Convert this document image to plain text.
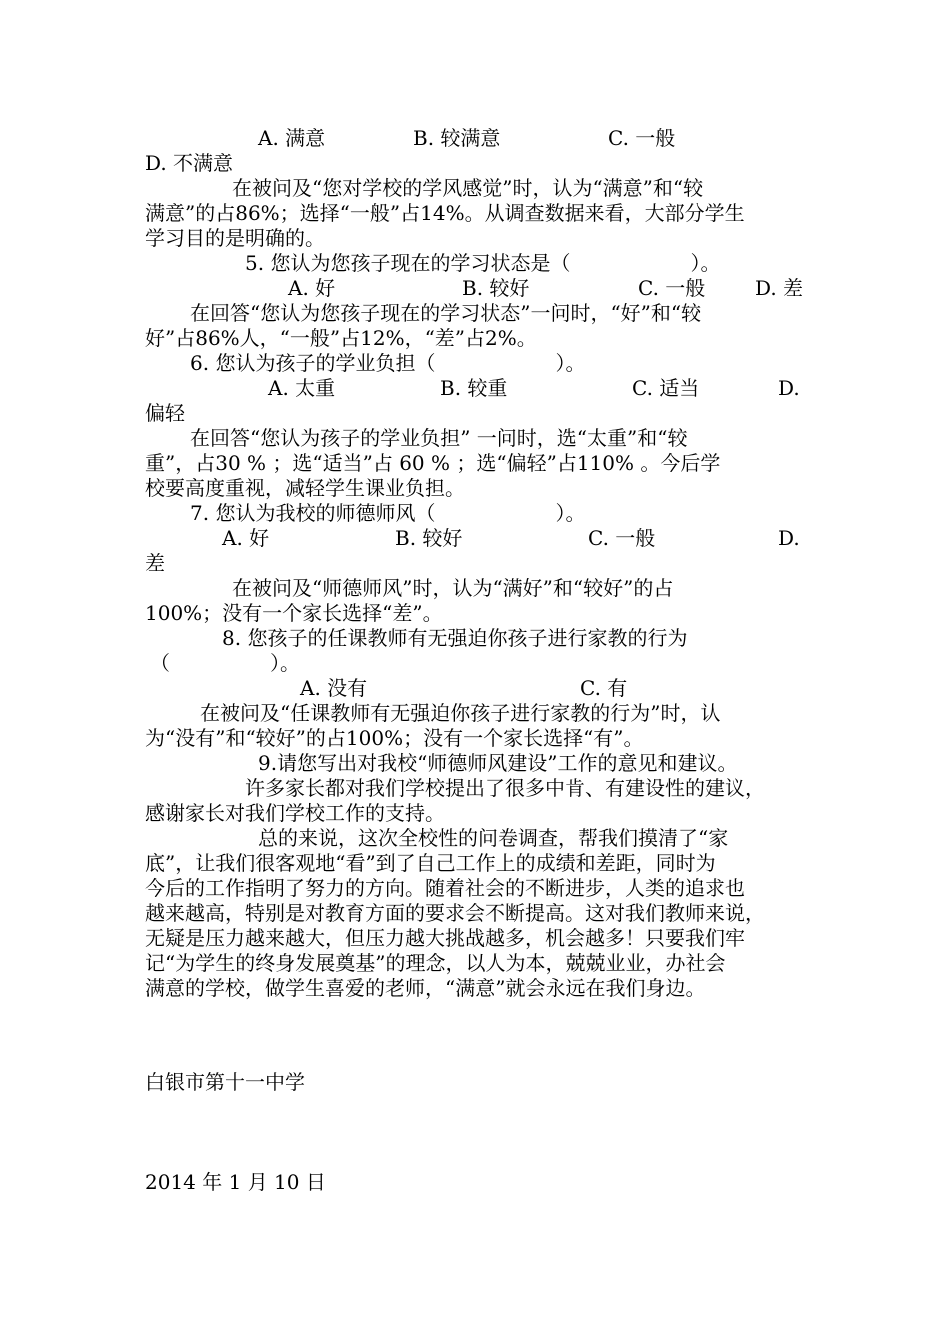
A. 满意	B. 较满意	C. 一般
D. 不满意
在被问及“您对学校的学风感觉”时，认为“满意”和“较
满意”的占86%；选择“一般”占14%。从调查数据来看，大部分学生
学习目的是明确的。
5. 您认为您孩子现在的学习状态是（　　　　　　）。
A. 好	B. 较好	C. 一般 D. 差
在回答“您认为您孩子现在的学习状态”一问时，“好”和“较
好”占86%人，“一般”占12%，“差”占2%。
6. 您认为孩子的学业负担（　　　　　　）。
A. 太重	B. 较重	C. 适当	D.
偏轻
在回答“您认为孩子的学业负担” 一问时，选“太重”和“较
重”，占30 % ；选“适当”占 60 % ；选“偏轻”占110% 。今后学
校要高度重视，减轻学生课业负担。
7. 您认为我校的师德师风（　　　　　　）。
A. 好	B. 较好	C. 一般	D.
差
在被问及“师德师风”时，认为“满好”和“较好”的占
100%；没有一个家长选择“差”。
8. 您孩子的任课教师有无强迫你孩子进行家教的行为
（　　　　　）。
A. 没有	C. 有
在被问及“任课教师有无强迫你孩子进行家教的行为”时，认
为“没有”和“较好”的占100%；没有一个家长选择“有”。
9.请您写出对我校“师德师风建设”工作的意见和建议。
许多家长都对我们学校提出了很多中肯、有建设性的建议，
感谢家长对我们学校工作的支持。
总的来说，这次全校性的问卷调查，帮我们摸清了“家
底”，让我们很客观地“看”到了自己工作上的成绩和差距，同时为
今后的工作指明了努力的方向。随着社会的不断进步，人类的追求也
越来越高，特别是对教育方面的要求会不断提高。这对我们教师来说，
无疑是压力越来越大，但压力越大挑战越多，机会越多！只要我们牢
记“为学生的终身发展奠基”的理念，以人为本，兢兢业业，办社会
满意的学校，做学生喜爱的老师，“满意”就会永远在我们身边。
白银市第十一中学
2014 年 1 月 10 日
